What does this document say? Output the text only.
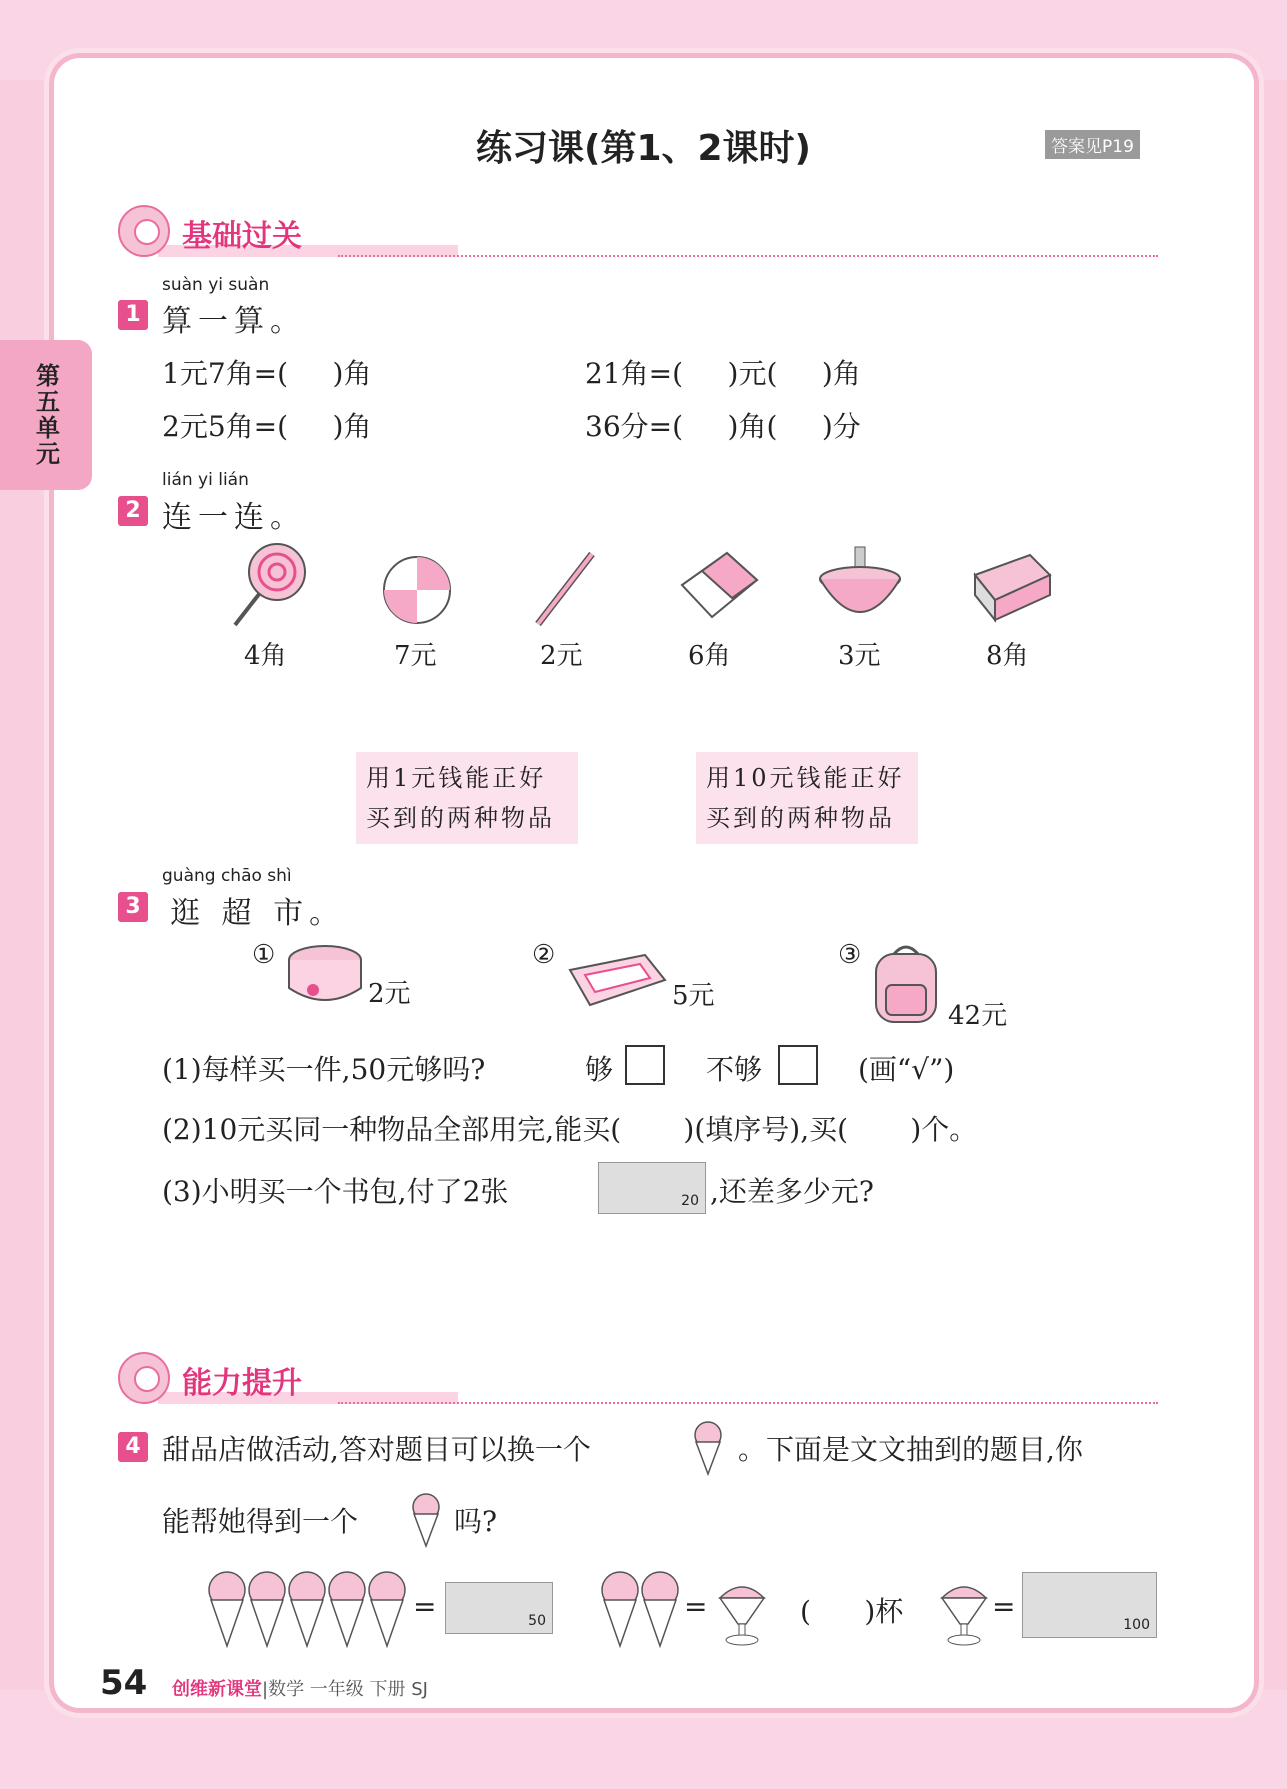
第五单元
练习课(第1、2课时)	答案见P19
基础过关
suàn yi suàn
1 算一算。
1元7角=(     )角	21角=(     )元(     )角
2元5角=(     )角	36分=(     )角(     )分
lián yi lián
2 连一连。
4角	7元	2元	6角	3元	8角
用1元钱能正好
买到的两种物品
用10元钱能正好
买到的两种物品
guàng chāo shì
3 逛 超 市。
①
2元
②
5元
③
42元
(1)每样买一件,50元够吗?	够	不够	(画“√”)
(2)10元买同一种物品全部用完,能买(       )(填序号),买(       )个。
(3)小明买一个书包,付了2张	20 ,还差多少元?
能力提升
4 甜品店做活动,答对题目可以换一个	。下面是文文抽到的题目,你
能帮她得到一个	吗?
=	50	=	(      )杯	=
100
54 创维新课堂|数学 一年级 下册 SJ
